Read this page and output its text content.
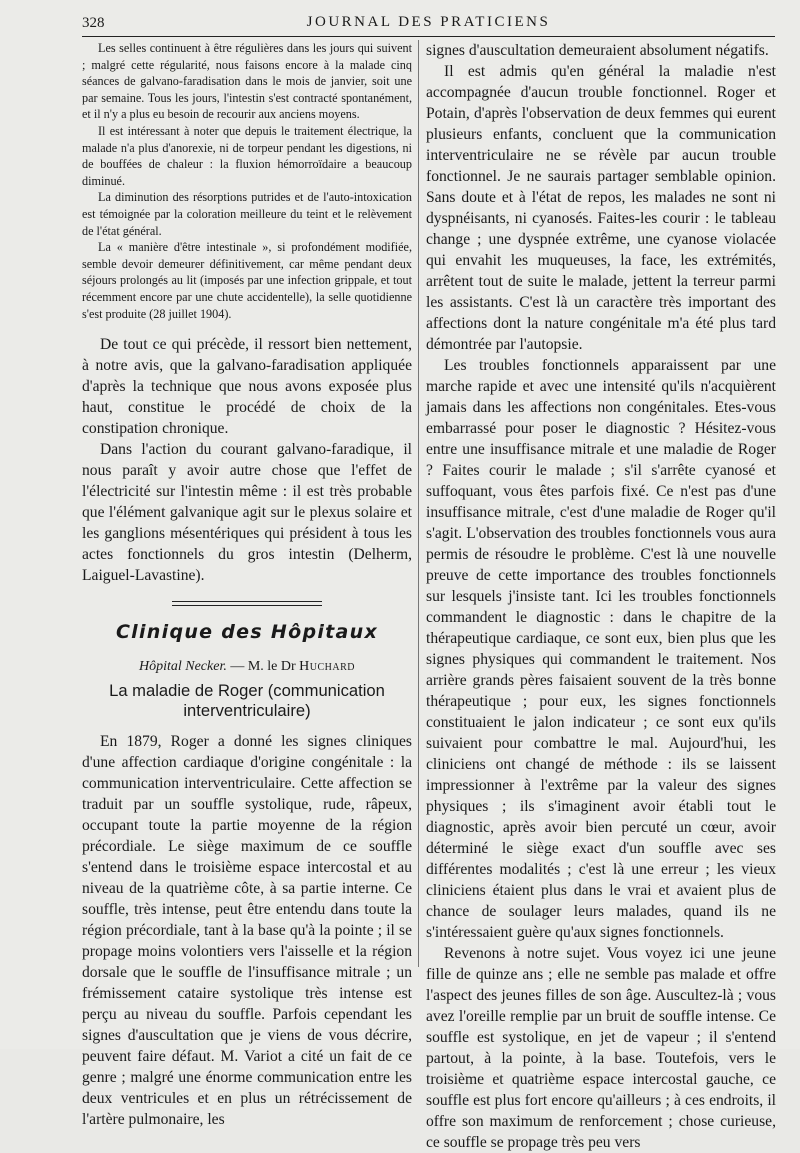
328	JOURNAL DES PRATICIENS

Les selles continuent à être régulières dans les jours qui suivent ; malgré cette régularité, nous faisons encore à la malade cinq séances de galvano-faradisation dans le mois de janvier, soit une par semaine. Tous les jours, l'intestin s'est contracté spontanément, et il n'y a plus eu besoin de recourir aux anciens moyens.

Il est intéressant à noter que depuis le traitement électrique, la malade n'a plus d'anorexie, ni de torpeur pendant les digestions, ni de bouffées de chaleur : la fluxion hémorroïdaire a beaucoup diminué.

La diminution des résorptions putrides et de l'auto-intoxication est témoignée par la coloration meilleure du teint et le relèvement de l'état général.

La « manière d'être intestinale », si profondément modifiée, semble devoir demeurer définitivement, car même pendant deux séjours prolongés au lit (imposés par une infection grippale, et tout récemment encore par une chute accidentelle), la selle quotidienne s'est produite (28 juillet 1904).

De tout ce qui précède, il ressort bien nettement, à notre avis, que la galvano-faradisation appliquée d'après la technique que nous avons exposée plus haut, constitue le procédé de choix de la constipation chronique.

Dans l'action du courant galvano-faradique, il nous paraît y avoir autre chose que l'effet de l'électricité sur l'intestin même : il est très probable que l'élément galvanique agit sur le plexus solaire et les ganglions mésentériques qui président à tous les actes fonctionnels du gros intestin (Delherm, Laiguel-Lavastine).

Clinique des Hôpitaux
Hôpital Necker. — M. le Dr Huchard
La maladie de Roger (communication interventriculaire)

En 1879, Roger a donné les signes cliniques d'une affection cardiaque d'origine congénitale : la communication interventriculaire. Cette affection se traduit par un souffle systolique, rude, râpeux, occupant toute la partie moyenne de la région précordiale. Le siège maximum de ce souffle s'entend dans le troisième espace intercostal et au niveau de la quatrième côte, à sa partie interne. Ce souffle, très intense, peut être entendu dans toute la région précordiale, tant à la base qu'à la pointe ; il se propage moins volontiers vers l'aisselle et la région dorsale que le souffle de l'insuffisance mitrale ; un frémissement cataire systolique très intense est perçu au niveau du souffle. Parfois cependant les signes d'auscultation que je viens de vous décrire, peuvent faire défaut. M. Variot a cité un fait de ce genre ; malgré une énorme communication entre les deux ventricules et en plus un rétrécissement de l'artère pulmonaire, les

signes d'auscultation demeuraient absolument négatifs.

Il est admis qu'en général la maladie n'est accompagnée d'aucun trouble fonctionnel. Roger et Potain, d'après l'observation de deux femmes qui eurent plusieurs enfants, concluent que la communication interventriculaire ne se révèle par aucun trouble fonctionnel. Je ne saurais partager semblable opinion. Sans doute et à l'état de repos, les malades ne sont ni dyspnéisants, ni cyanosés. Faites-les courir : le tableau change ; une dyspnée extrême, une cyanose violacée qui envahit les muqueuses, la face, les extrémités, arrêtent tout de suite le malade, jettent la terreur parmi les assistants. C'est là un caractère très important des affections dont la nature congénitale m'a été plus tard démontrée par l'autopsie.

Les troubles fonctionnels apparaissent par une marche rapide et avec une intensité qu'ils n'acquièrent jamais dans les affections non congénitales. Etes-vous embarrassé pour poser le diagnostic ? Hésitez-vous entre une insuffisance mitrale et une maladie de Roger ? Faites courir le malade ; s'il s'arrête cyanosé et suffoquant, vous êtes parfois fixé. Ce n'est pas d'une insuffisance mitrale, c'est d'une maladie de Roger qu'il s'agit. L'observation des troubles fonctionnels vous aura permis de résoudre le problème. C'est là une nouvelle preuve de cette importance des troubles fonctionnels sur lesquels j'insiste tant. Ici les troubles fonctionnels commandent le diagnostic : dans le chapitre de la thérapeutique cardiaque, ce sont eux, bien plus que les signes physiques qui commandent le traitement. Nos arrière grands pères faisaient souvent de la très bonne thérapeutique ; pour eux, les signes fonctionnels constituaient le jalon indicateur ; ce sont eux qu'ils suivaient pour combattre le mal. Aujourd'hui, les cliniciens ont changé de méthode : ils se laissent impressionner à l'extrême par la valeur des signes physiques ; ils s'imaginent avoir établi tout le diagnostic, après avoir bien percuté un cœur, avoir déterminé le siège exact d'un souffle avec ses différentes modalités ; c'est là une erreur ; les vieux cliniciens étaient plus dans le vrai et avaient plus de chance de soulager leurs malades, quand ils ne s'intéressaient guère qu'aux signes fonctionnels.

Revenons à notre sujet. Vous voyez ici une jeune fille de quinze ans ; elle ne semble pas malade et offre l'aspect des jeunes filles de son âge. Auscultez-là ; vous avez l'oreille remplie par un bruit de souffle intense. Ce souffle est systolique, en jet de vapeur ; il s'entend partout, à la pointe, à la base. Toutefois, vers le troisième et quatrième espace intercostal gauche, ce souffle est plus fort encore qu'ailleurs ; à ces endroits, il offre son maximum de renforcement ; chose curieuse, ce souffle se propage très peu vers
